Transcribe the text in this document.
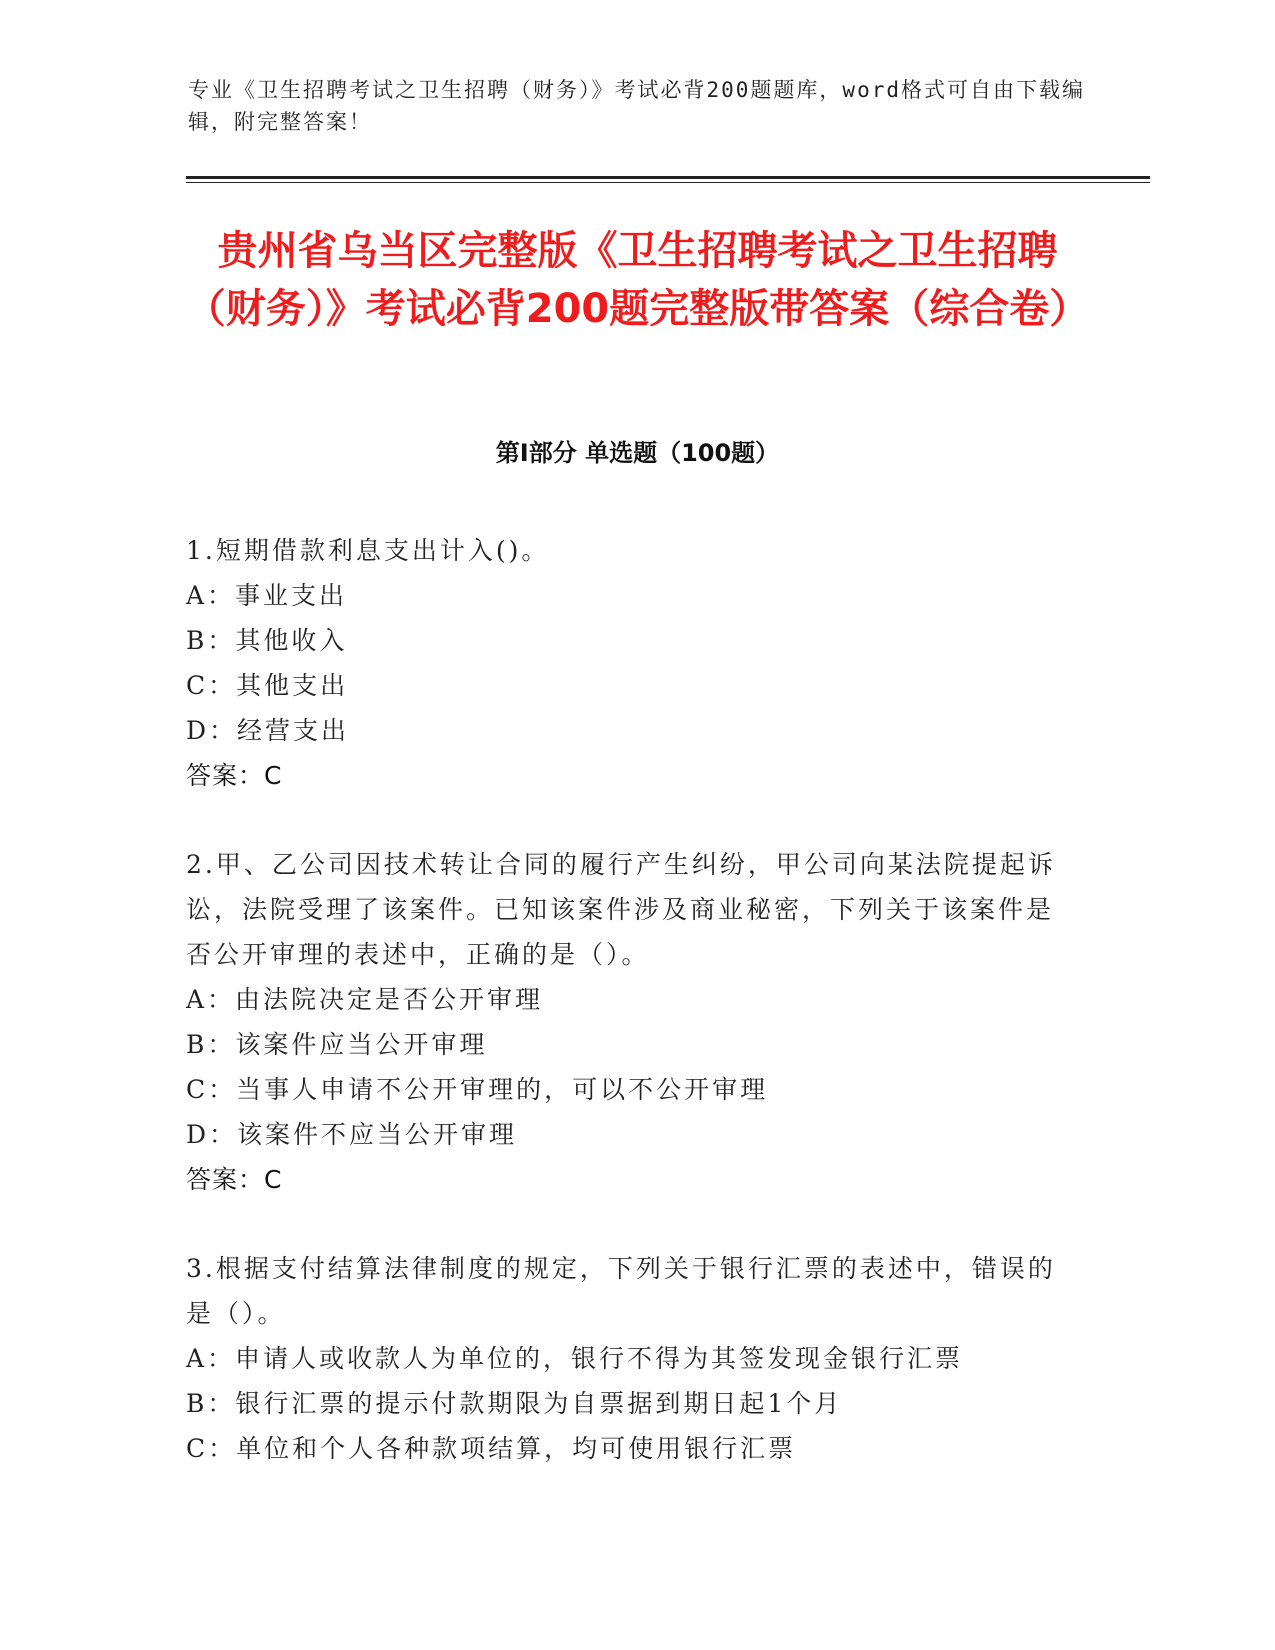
专业《卫生招聘考试之卫生招聘（财务）》考试必背200题题库，word格式可自由下载编辑，附完整答案！
贵州省乌当区完整版《卫生招聘考试之卫生招聘（财务）》考试必背200题完整版带答案（综合卷）
第Ⅰ部分 单选题（100题）

1.短期借款利息支出计入()。

A：事业支出

B：其他收入

C：其他支出

D：经营支出

答案：C

2.甲、乙公司因技术转让合同的履行产生纠纷，甲公司向某法院提起诉讼，法院受理了该案件。已知该案件涉及商业秘密，下列关于该案件是否公开审理的表述中，正确的是（）。

A：由法院决定是否公开审理

B：该案件应当公开审理

C：当事人申请不公开审理的，可以不公开审理

D：该案件不应当公开审理

答案：C

3.根据支付结算法律制度的规定，下列关于银行汇票的表述中，错误的是（）。

A：申请人或收款人为单位的，银行不得为其签发现金银行汇票

B：银行汇票的提示付款期限为自票据到期日起1个月

C：单位和个人各种款项结算，均可使用银行汇票
